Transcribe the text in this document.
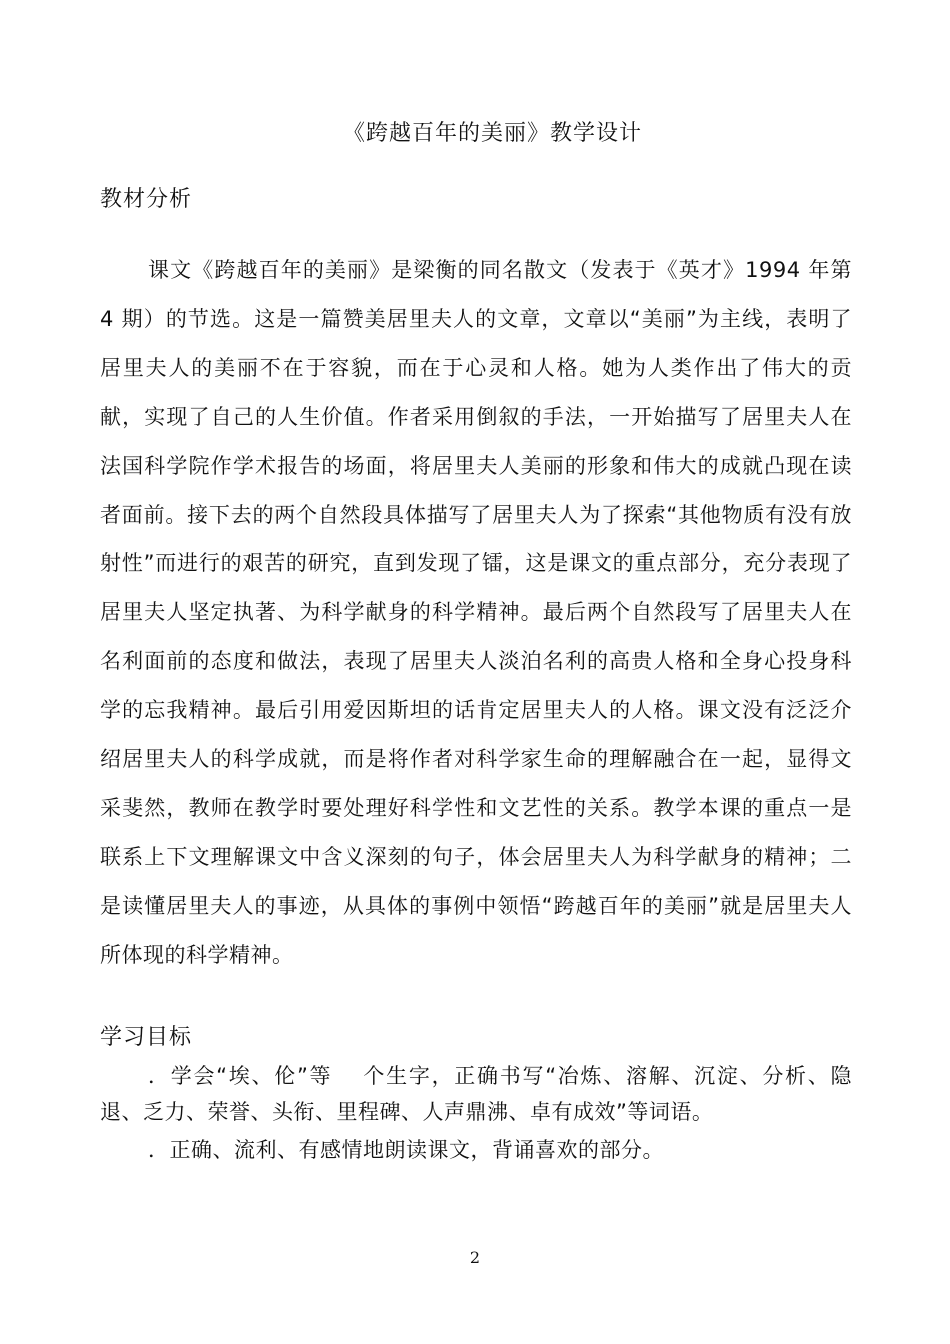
《跨越百年的美丽》教学设计
教材分析
课文《跨越百年的美丽》是梁衡的同名散文（发表于《英才》1994 年第 4 期）的节选。这是一篇赞美居里夫人的文章，文章以“美丽”为主线，表明了居里夫人的美丽不在于容貌，而在于心灵和人格。她为人类作出了伟大的贡献，实现了自己的人生价值。作者采用倒叙的手法，一开始描写了居里夫人在法国科学院作学术报告的场面，将居里夫人美丽的形象和伟大的成就凸现在读者面前。接下去的两个自然段具体描写了居里夫人为了探索“其他物质有没有放射性”而进行的艰苦的研究，直到发现了镭，这是课文的重点部分，充分表现了居里夫人坚定执著、为科学献身的科学精神。最后两个自然段写了居里夫人在名利面前的态度和做法，表现了居里夫人淡泊名利的高贵人格和全身心投身科学的忘我精神。最后引用爱因斯坦的话肯定居里夫人的人格。课文没有泛泛介绍居里夫人的科学成就，而是将作者对科学家生命的理解融合在一起，显得文采斐然，教师在教学时要处理好科学性和文艺性的关系。教学本课的重点一是联系上下文理解课文中含义深刻的句子，体会居里夫人为科学献身的精神；二是读懂居里夫人的事迹，从具体的事例中领悟“跨越百年的美丽”就是居里夫人所体现的科学精神。
学习目标
．学会“埃、伦”等　 个生字，正确书写“冶炼、溶解、沉淀、分析、隐退、乏力、荣誉、头衔、里程碑、人声鼎沸、卓有成效”等词语。
．正确、流利、有感情地朗读课文，背诵喜欢的部分。
2
